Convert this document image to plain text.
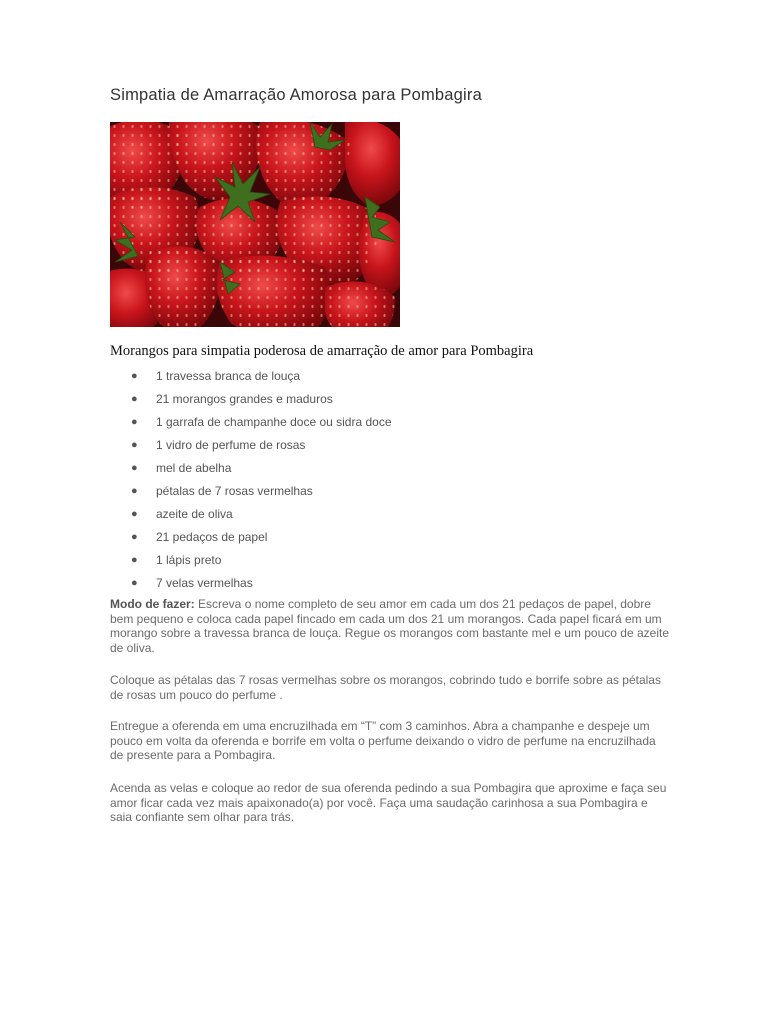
Simpatia de Amarração Amorosa para Pombagira
Morangos para simpatia poderosa de amarração de amor para Pombagira
● 1 travessa branca de louça
● 21 morangos grandes e maduros
● 1 garrafa de champanhe doce ou sidra doce
● 1 vidro de perfume de rosas
● mel de abelha
● pétalas de 7 rosas vermelhas
● azeite de oliva
● 21 pedaços de papel
● 1 lápis preto
● 7 velas vermelhas

Modo de fazer: Escreva o nome completo de seu amor em cada um dos 21 pedaços de papel, dobre bem pequeno e coloca cada papel fincado em cada um dos 21 um morangos. Cada papel ficará em um morango sobre a travessa branca de louça. Regue os morangos com bastante mel e um pouco de azeite de oliva.

Coloque as pétalas das 7 rosas vermelhas sobre os morangos, cobrindo tudo e borrife sobre as pétalas de rosas um pouco do perfume .

Entregue a oferenda em uma encruzilhada em “T” com 3 caminhos. Abra a champanhe e despeje um pouco em volta da oferenda e borrife em volta o perfume deixando o vidro de perfume na encruzilhada de presente para a Pombagira.

Acenda as velas e coloque ao redor de sua oferenda pedindo a sua Pombagira que aproxime e faça seu amor ficar cada vez mais apaixonado(a) por você. Faça uma saudação carinhosa a sua Pombagira e saia confiante sem olhar para trás.
